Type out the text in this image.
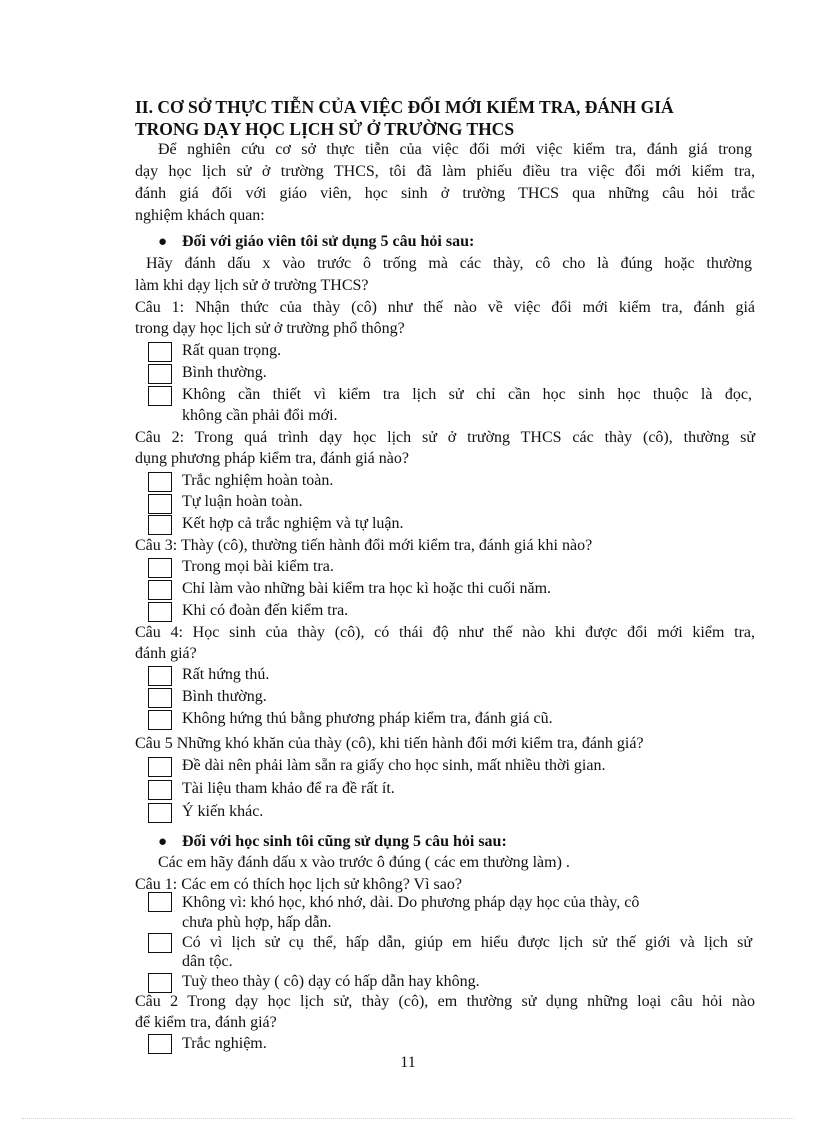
II. CƠ SỞ THỰC TIỄN CỦA VIỆC ĐỔI MỚI KIỂM TRA, ĐÁNH GIÁ
TRONG DẠY HỌC LỊCH SỬ Ở TRƯỜNG THCS
Để nghiên cứu cơ sở thực tiễn của việc đổi mới việc kiểm tra, đánh giá trong
dạy học lịch sử ở trường THCS, tôi đã làm phiếu điều tra việc đổi mới kiểm tra,
đánh giá đối với giáo viên, học sinh ở trường THCS qua những câu hỏi trắc
nghiệm khách quan:
● Đối với giáo viên tôi sử dụng 5 câu hỏi sau:
Hãy đánh dấu x vào trước ô trống mà các thày, cô cho là đúng hoặc thường
làm khi dạy lịch sử ở trường THCS?
Câu 1: Nhận thức của thày (cô) như thế nào về việc đổi mới kiểm tra, đánh giá
trong dạy học lịch sử ở trường phổ thông?
Rất quan trọng.
Bình thường.
Không cần thiết vì kiểm tra lịch sử chỉ cần học sinh học thuộc là đọc,
không cần phải đổi mới.
Câu 2: Trong quá trình dạy học lịch sử ở trường THCS các thày (cô), thường sử
dụng phương pháp kiểm tra, đánh giá nào?
Trắc nghiệm hoàn toàn.
Tự luận hoàn toàn.
Kết hợp cả trắc nghiệm và tự luận.
Câu 3: Thày (cô), thường tiến hành đổi mới kiểm tra, đánh giá khi nào?
Trong mọi bài kiểm tra.
Chỉ làm vào những bài kiểm tra học kì hoặc thi cuối năm.
Khi có đoàn đến kiểm tra.
Câu 4: Học sinh của thày (cô), có thái độ như thế nào khi được đổi mới kiểm tra,
đánh giá?
Rất hứng thú.
Bình thường.
Không hứng thú bằng phương pháp kiểm tra, đánh giá cũ.
Câu 5 Những khó khăn của thày (cô), khi tiến hành đổi mới kiểm tra, đánh giá?
Đề dài nên phải làm sẵn ra giấy cho học sinh, mất nhiều thời gian.
Tài liệu tham khảo để ra đề rất ít.
Ý kiến khác.
● Đối với học sinh tôi cũng sử dụng 5 câu hỏi sau:
Các em hãy đánh dấu x vào trước ô đúng ( các em thường làm) .
Câu 1: Các em có thích học lịch sử không? Vì sao?
Không vì: khó học, khó nhớ, dài. Do phương pháp dạy học của thày, cô
chưa phù hợp, hấp dẫn.
Có vì lịch sử cụ thể, hấp dẫn, giúp em hiểu được lịch sử thế giới và lịch sử
dân tộc.
Tuỳ theo thày ( cô) dạy có hấp dẫn hay không.
Câu 2 Trong dạy học lịch sử, thày (cô), em thường sử dụng những loại câu hỏi nào
để kiểm tra, đánh giá?
Trắc nghiệm.
11
